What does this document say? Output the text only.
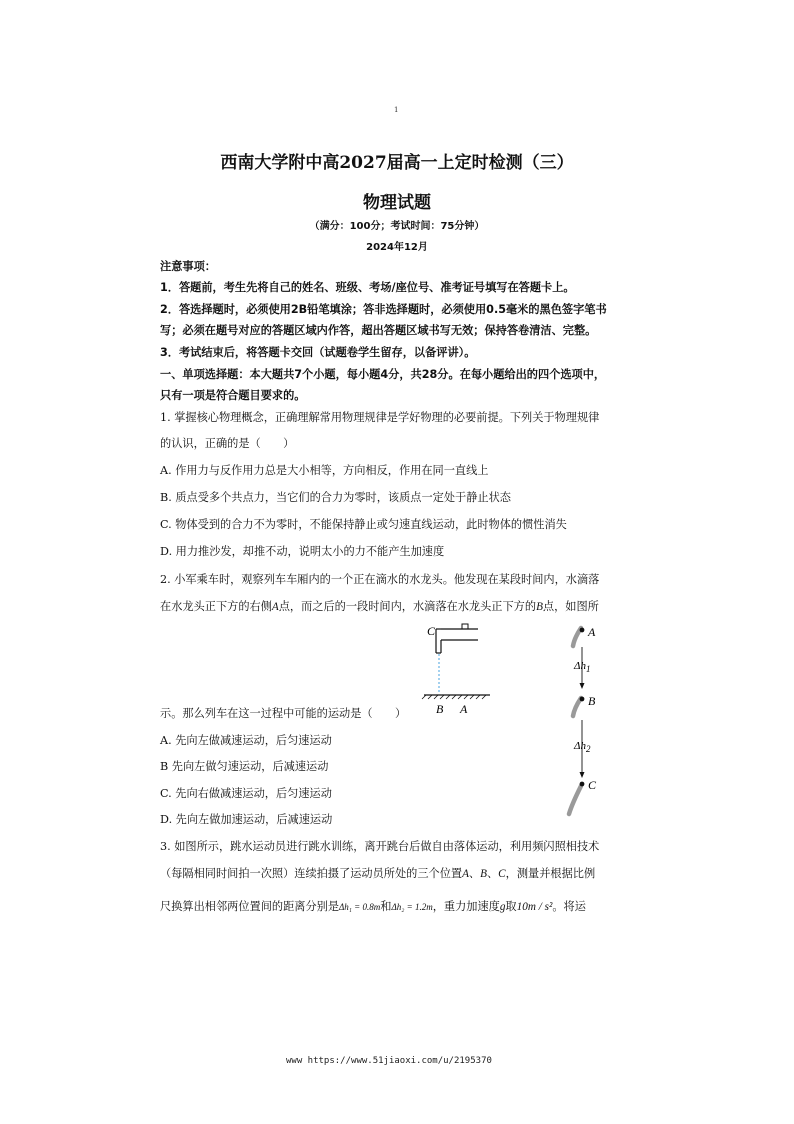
1
西南大学附中高2027届高一上定时检测（三）
物理试题
（满分：100分；考试时间：75分钟）
2024年12月
注意事项：
1．答题前，考生先将自己的姓名、班级、考场/座位号、准考证号填写在答题卡上。
2．答选择题时，必须使用2B铅笔填涂；答非选择题时，必须使用0.5毫米的黑色签字笔书
写；必须在题号对应的答题区域内作答，超出答题区域书写无效；保持答卷清洁、完整。
3．考试结束后，将答题卡交回（试题卷学生留存，以备评讲）。
一、单项选择题：本大题共7个小题，每小题4分，共28分。在每小题给出的四个选项中，
只有一项是符合题目要求的。
1. 掌握核心物理概念，正确理解常用物理规律是学好物理的必要前提。下列关于物理规律
的认识，正确的是（　　）
A. 作用力与反作用力总是大小相等，方向相反，作用在同一直线上
B. 质点受多个共点力，当它们的合力为零时，该质点一定处于静止状态
C. 物体受到的合力不为零时，不能保持静止或匀速直线运动，此时物体的惯性消失
D. 用力推沙发，却推不动，说明太小的力不能产生加速度
2. 小军乘车时，观察列车车厢内的一个正在滴水的水龙头。他发现在某段时间内，水滴落
在水龙头正下方的右侧A点，而之后的一段时间内，水滴落在水龙头正下方的B点，如图所
示。那么列车在这一过程中可能的运动是（　　）
A. 先向左做减速运动，后匀速运动
B 先向左做匀速运动，后减速运动
C. 先向右做减速运动，后匀速运动
D. 先向左做加速运动，后减速运动
C
B A
A
$\Delta h_1$
B
$\Delta h_2$
C
3. 如图所示，跳水运动员进行跳水训练，离开跳台后做自由落体运动，利用频闪照相技术
（每隔相同时间拍一次照）连续拍摄了运动员所处的三个位置A、B、C，测量并根据比例
尺换算出相邻两位置间的距离分别是Δh₁ = 0.8m和Δh₂ = 1.2m，重力加速度g取10m / s²。将运
www https://www.51jiaoxi.com/u/2195370
